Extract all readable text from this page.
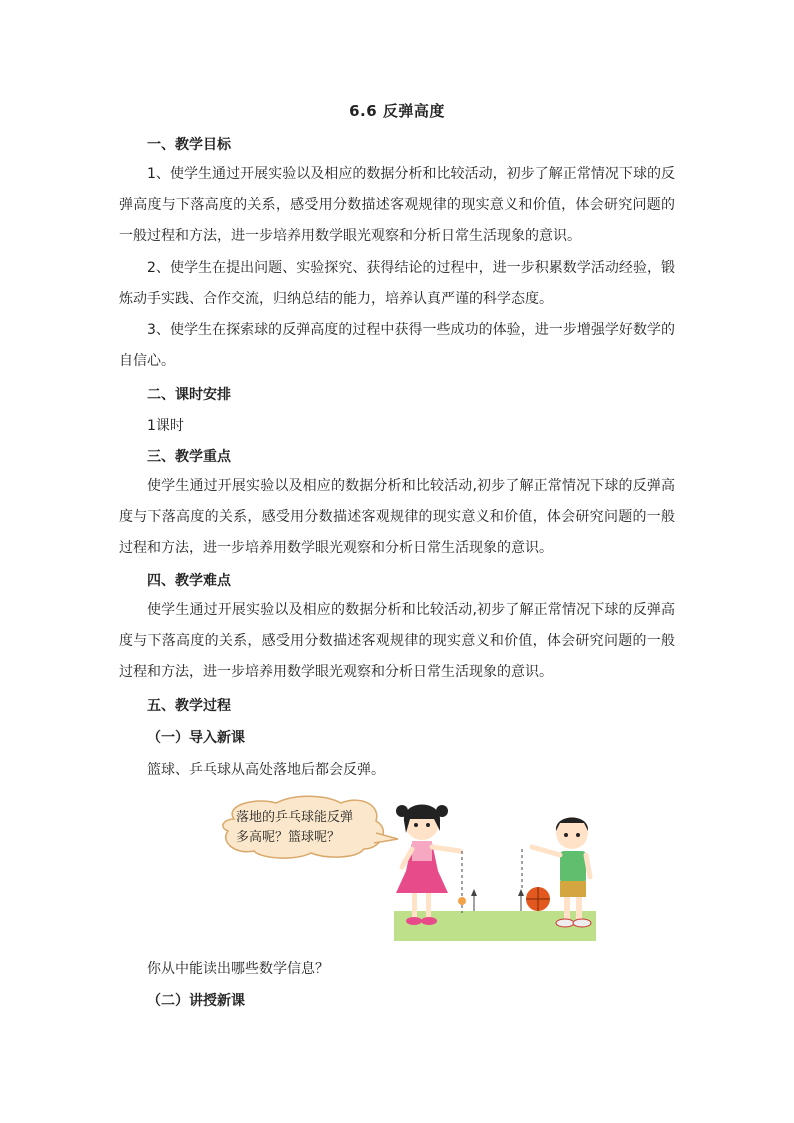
6.6 反弹高度
一、教学目标
1、使学生通过开展实验以及相应的数据分析和比较活动，初步了解正常情况下球的反弹高度与下落高度的关系，感受用分数描述客观规律的现实意义和价值，体会研究问题的一般过程和方法，进一步培养用数学眼光观察和分析日常生活现象的意识。
2、使学生在提出问题、实验探究、获得结论的过程中，进一步积累数学活动经验，锻炼动手实践、合作交流，归纳总结的能力，培养认真严谨的科学态度。
3、使学生在探索球的反弹高度的过程中获得一些成功的体验，进一步增强学好数学的自信心。
二、课时安排
1课时
三、教学重点
使学生通过开展实验以及相应的数据分析和比较活动,初步了解正常情况下球的反弹高度与下落高度的关系，感受用分数描述客观规律的现实意义和价值，体会研究问题的一般过程和方法，进一步培养用数学眼光观察和分析日常生活现象的意识。
四、教学难点
使学生通过开展实验以及相应的数据分析和比较活动,初步了解正常情况下球的反弹高度与下落高度的关系，感受用分数描述客观规律的现实意义和价值，体会研究问题的一般过程和方法，进一步培养用数学眼光观察和分析日常生活现象的意识。
五、教学过程
（一）导入新课
篮球、乒乓球从高处落地后都会反弹。
落地的乒乓球能反弹
多高呢？篮球呢？
你从中能读出哪些数学信息？
（二）讲授新课
